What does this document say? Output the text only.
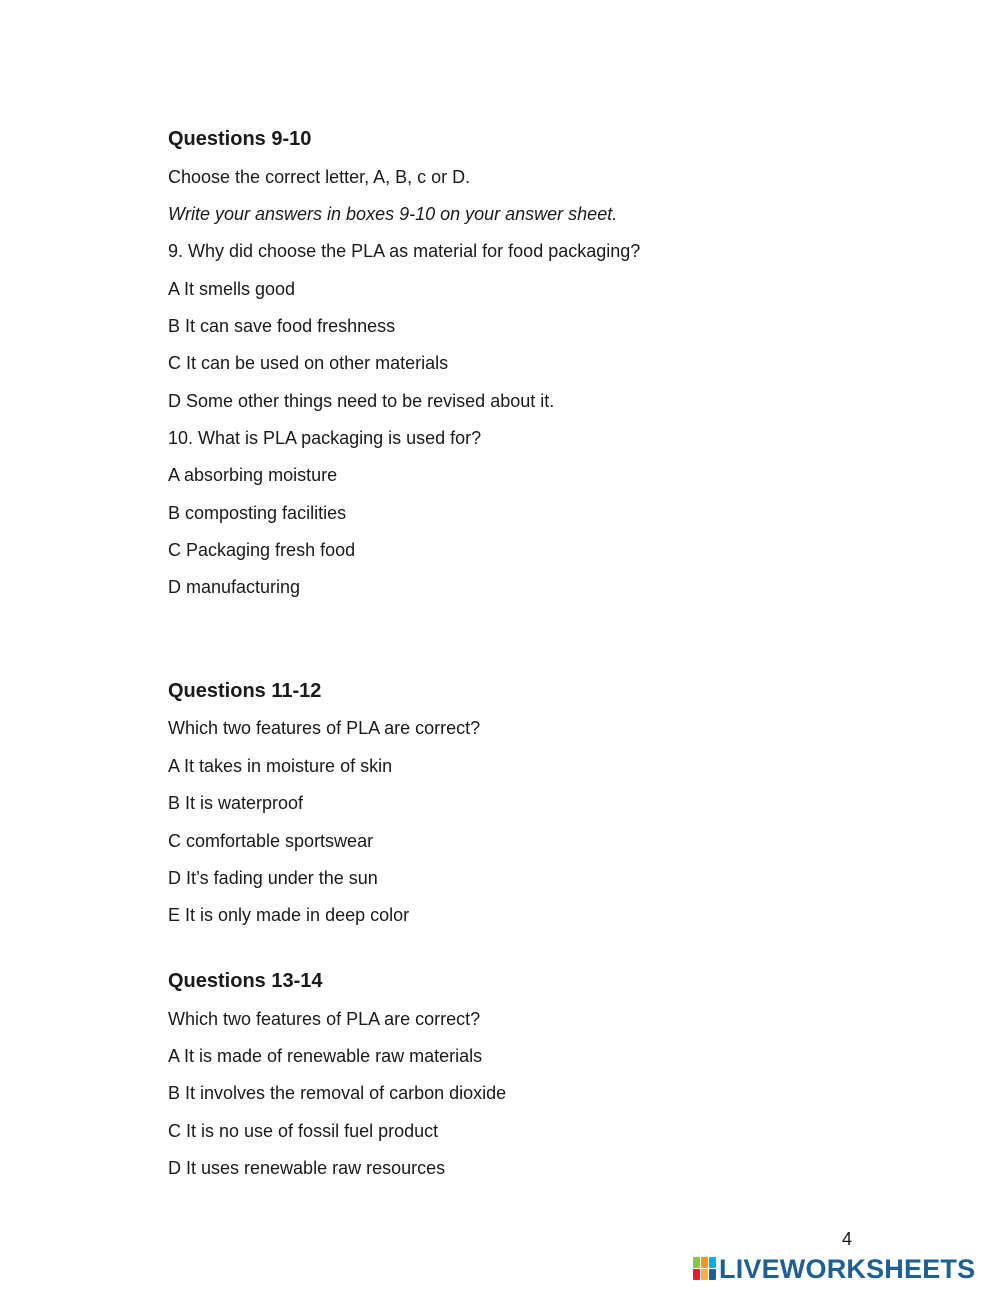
Questions 9-10
Choose the correct letter, A, B, c or D.
Write your answers in boxes 9-10 on your answer sheet.
9. Why did choose the PLA as material for food packaging?
A It smells good
B It can save food freshness
C It can be used on other materials
D Some other things need to be revised about it.
10. What is PLA packaging is used for?
A absorbing moisture
B composting facilities
C Packaging fresh food
D manufacturing
Questions 11-12
Which two features of PLA are correct?
A It takes in moisture of skin
B It is waterproof
C comfortable sportswear
D It’s fading under the sun
E It is only made in deep color
Questions 13-14
Which two features of PLA are correct?
A It is made of renewable raw materials
B It involves the removal of carbon dioxide
C It is no use of fossil fuel product
D It uses renewable raw resources
4
LIVEWORKSHEETS
